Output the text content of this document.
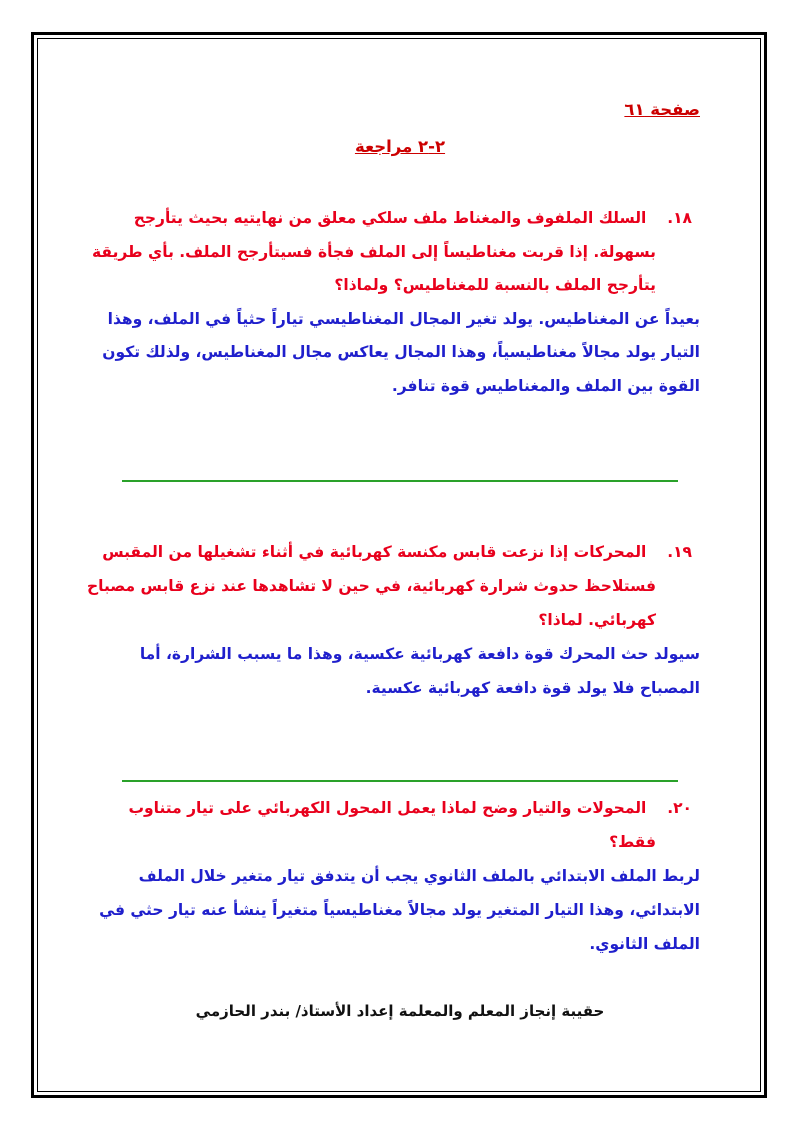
صفحة ٦١
٢-٢ مراجعة
١٨.  السلك الملفوف والمغناط ملف سلكي معلق من نهايتيه بحيث يتأرجح
بسهولة. إذا قربت مغناطيساً إلى الملف فجأة فسيتأرجح الملف. بأي طريقة
يتأرجح الملف بالنسبة للمغناطيس؟ ولماذا؟
بعيداً عن المغناطيس. يولد تغير المجال المغناطيسي تياراً حثياً في الملف، وهذا
التيار يولد مجالاً مغناطيسياً، وهذا المجال يعاكس مجال المغناطيس، ولذلك تكون
القوة بين الملف والمغناطيس قوة تنافر.
١٩.  المحركات إذا نزعت قابس مكنسة كهربائية في أثناء تشغيلها من المقبس
فستلاحظ حدوث شرارة كهربائية، في حين لا تشاهدها عند نزع قابس مصباح
كهربائي. لماذا؟
سيولد حث المحرك قوة دافعة كهربائية عكسية، وهذا ما يسبب الشرارة، أما
المصباح فلا يولد قوة دافعة كهربائية عكسية.
٢٠.  المحولات والتيار وضح لماذا يعمل المحول الكهربائي على تيار متناوب
فقط؟
لربط الملف الابتدائي بالملف الثانوي يجب أن يتدفق تيار متغير خلال الملف
الابتدائي، وهذا التيار المتغير يولد مجالاً مغناطيسياً متغيراً ينشأ عنه تيار حثي في
الملف الثانوي.
حقيبة إنجاز المعلم والمعلمة إعداد الأستاذ/ بندر الحازمي
